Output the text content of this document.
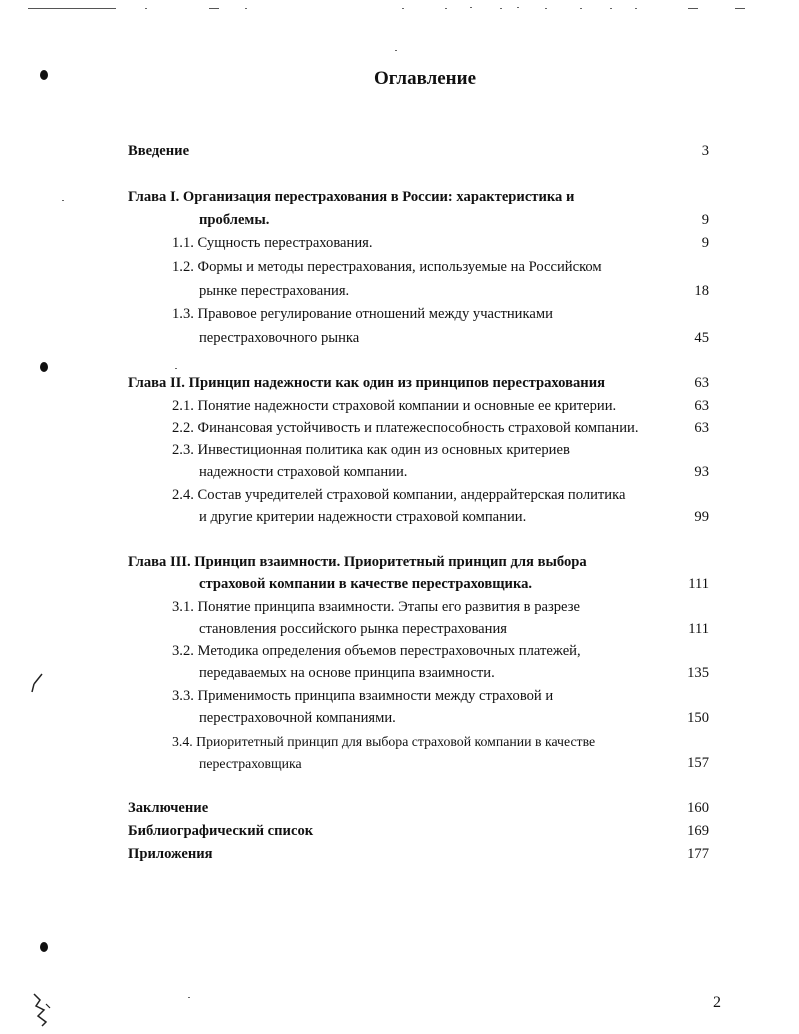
Оглавление
Введение	3
Глава I. Организация перестрахования в России: характеристика и
проблемы.	9
1.1. Сущность перестрахования.	9
1.2. Формы и методы перестрахования, используемые на Российском
рынке перестрахования.	18
1.3. Правовое регулирование отношений между участниками
перестраховочного рынка	45
Глава II. Принцип надежности как один из принципов перестрахования	63
2.1. Понятие надежности страховой компании и основные ее критерии.	63
2.2. Финансовая устойчивость и платежеспособность страховой компании.	63
2.3. Инвестиционная политика как один из основных критериев
надежности страховой компании.	93
2.4. Состав учредителей страховой компании, андеррайтерская политика
и другие критерии надежности страховой компании.	99
Глава III. Принцип взаимности. Приоритетный принцип для выбора
страховой компании в качестве перестраховщика.	111
3.1. Понятие принципа взаимности. Этапы его развития в разрезе
становления российского рынка перестрахования	111
3.2. Методика определения объемов перестраховочных платежей,
передаваемых на основе принципа взаимности.	135
3.3. Применимость принципа взаимности между страховой и
перестраховочной компаниями.	150
3.4. Приоритетный принцип для выбора страховой компании в качестве
перестраховщика	157
Заключение	160
Библиографический список	169
Приложения	177
2
